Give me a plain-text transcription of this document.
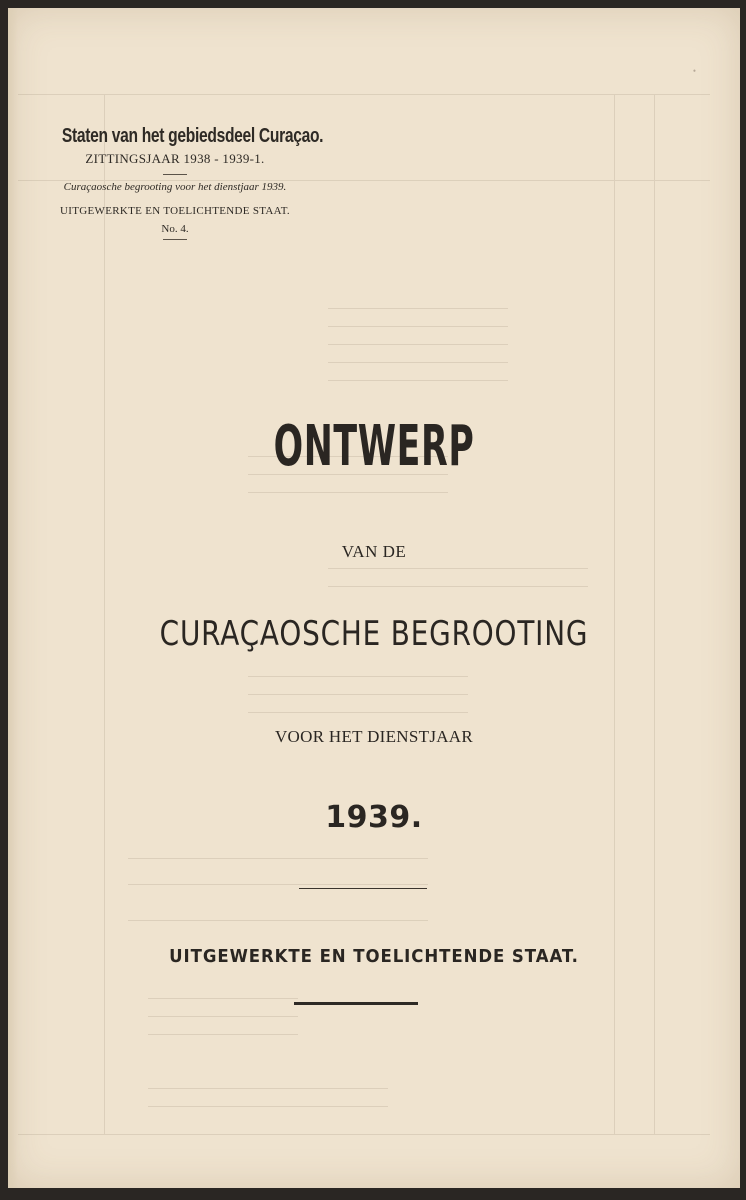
•
Staten van het gebiedsdeel Curaçao.
ZITTINGSJAAR 1938 - 1939-1.
Curaçaosche begrooting voor het dienstjaar 1939.
UITGEWERKTE EN TOELICHTENDE STAAT.
No. 4.
ONTWERP
VAN DE
CURAÇAOSCHE BEGROOTING
VOOR HET DIENSTJAAR
1939.
UITGEWERKTE EN TOELICHTENDE STAAT.
